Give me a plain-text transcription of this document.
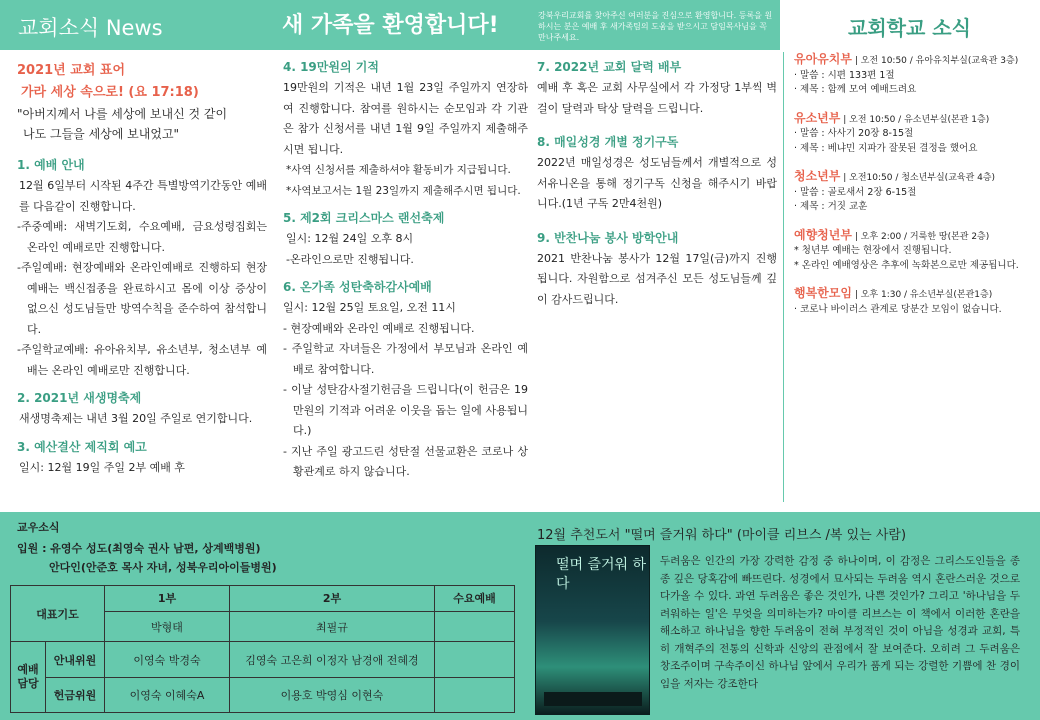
교회소식 News	새 가족을 환영합니다!	강북우리교회를 찾아주신 여러분을 진심으로 환영합니다. 등록을 원하시는 분은 예배 후 새가족팀의 도움을 받으시고 담임목사님을 꼭 만나주세요.	교회학교 소식
2021년 교회 표어
가라 세상 속으로! (요 17:18)
"아버지께서 나를 세상에 보내신 것 같이
나도 그들을 세상에 보내었고"
1. 예배 안내
12월 6일부터 시작된 4주간 특별방역기간동안 예배를 다음같이 진행합니다.
-주중예배: 새벽기도회, 수요예배, 금요성령집회는 온라인 예배로만 진행합니다.
-주일예배: 현장예배와 온라인예배로 진행하되 현장예배는 백신접종을 완료하시고 몸에 이상 증상이 없으신 성도님들만 방역수칙을 준수하여 참석합니다.
-주일학교예배: 유아유치부, 유소년부, 청소년부 예배는 온라인 예배로만 진행합니다.
2. 2021년 새생명축제
새생명축제는 내년 3월 20일 주일로 연기합니다.
3. 예산결산 제직회 예고
일시: 12월 19일 주일 2부 예배 후
4. 19만원의 기적
19만원의 기적은 내년 1월 23일 주일까지 연장하여 진행합니다. 참여를 원하시는 순모임과 각 기관은 참가 신청서를 내년 1월 9일 주일까지 제출해주시면 됩니다.
*사역 신청서를 제출하셔야 활동비가 지급됩니다.
*사역보고서는 1월 23일까지 제출해주시면 됩니다.
5. 제2회 크리스마스 랜선축제
일시: 12월 24일 오후 8시
-온라인으로만 진행됩니다.
6. 온가족 성탄축하감사예배
일시: 12월 25일 토요일, 오전 11시
- 현장예배와 온라인 예배로 진행됩니다.
- 주일학교 자녀들은 가정에서 부모님과 온라인 예배로 참여합니다.
- 이날 성탄감사절기헌금을 드립니다(이 헌금은 19만원의 기적과 어려운 이웃을 돕는 일에 사용됩니다.)
- 지난 주일 광고드린 성탄절 선물교환은 코로나 상황관계로 하지 않습니다.
7. 2022년 교회 달력 배부
예배 후 혹은 교회 사무실에서 각 가정당 1부씩 벽걸이 달력과 탁상 달력을 드립니다.
8. 매일성경 개별 정기구독
2022년 매일성경은 성도님들께서 개별적으로 성서유니온을 통해 정기구독 신청을 해주시기 바랍니다.(1년 구독 2만4천원)
9. 반찬나눔 봉사 방학안내
2021 반찬나눔 봉사가 12월 17일(금)까지 진행됩니다. 자원함으로 섬겨주신 모든 성도님들께 깊이 감사드립니다.
유아유치부 | 오전 10:50 / 유아유치부실(교육관 3층)
· 말씀 : 시편 133편 1절
· 제목 : 함께 모여 예배드려요
유소년부 | 오전 10:50 / 유소년부실(본관 1층)
· 말씀 : 사사기 20장 8-15절
· 제목 : 베냐민 지파가 잘못된 결정을 했어요
청소년부 | 오전10:50 / 청소년부실(교육관 4층)
· 말씀 : 골로새서 2장 6-15절
· 제목 : 거짓 교훈
예향청년부 | 오후 2:00 / 거룩한 땅(본관 2층)
* 청년부 예배는 현장에서 진행됩니다.
* 온라인 예배영상은 추후에 녹화본으로만 제공됩니다.
행복한모임 | 오후 1:30 / 유소년부실(본관1층)
· 코로나 바이러스 관계로 당분간 모임이 없습니다.
교우소식
입원 : 유영수 성도(최영숙 권사 남편, 상계백병원)
안다인(안준호 목사 자녀, 성북우리아이들병원)
대표기도		1부	2부	수요예배
		박형태	최필규	
예배 담당	안내위원	이영숙 박경숙	김영숙 고은희 이정자 남경애 전혜경	
	헌금위원	이영숙 이혜숙A	이용호 박영심 이현숙	
12월 추천도서 "떨며 즐거워 하다" (마이클 리브스 /복 있는 사람)
떨며 즐거워 하다
두려움은 인간의 가장 강력한 감정 중 하나이며, 이 감정은 그리스도인들을 종종 깊은 당혹감에 빠뜨린다. 성경에서 묘사되는 두려움 역시 혼란스러운 것으로 다가올 수 있다. 과연 두려움은 좋은 것인가, 나쁜 것인가? 그리고 '하나님을 두려워하는 일'은 무엇을 의미하는가? 마이클 리브스는 이 책에서 이러한 혼란을 해소하고 하나님을 향한 두려움이 전혀 부정적인 것이 아님을 성경과 교회, 특히 개혁주의 전통의 신학과 신앙의 관점에서 잘 보여준다. 오히려 그 두려움은 창조주이며 구속주이신 하나님 앞에서 우리가 품게 되는 강렬한 기쁨에 찬 경이임을 저자는 강조한다
